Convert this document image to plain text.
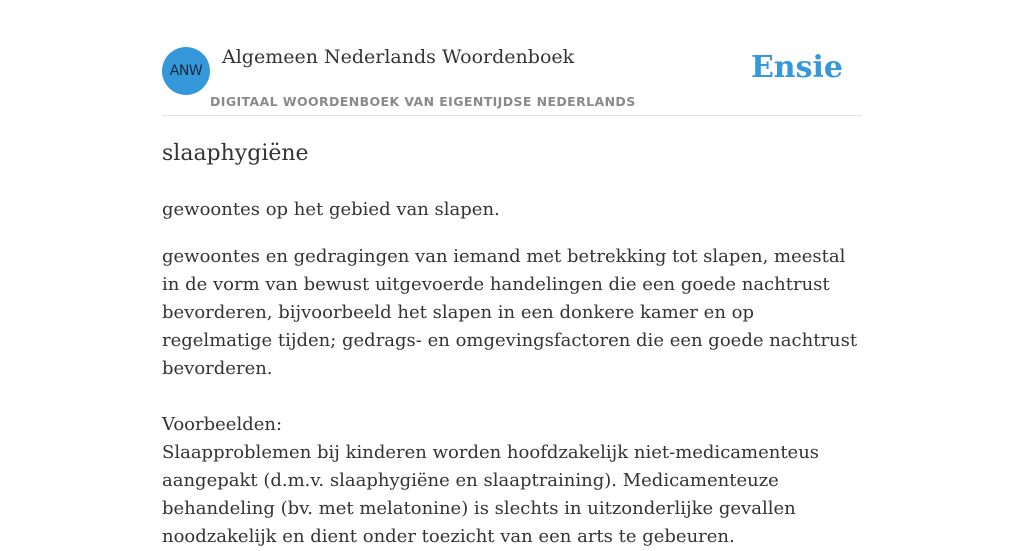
ANW
Algemeen Nederlands Woordenboek
DIGITAAL WOORDENBOEK VAN EIGENTIJDSE NEDERLANDS
Ensie
slaaphygiëne

gewoontes op het gebied van slapen.

gewoontes en gedragingen van iemand met betrekking tot slapen, meestal in de vorm van bewust uitgevoerde handelingen die een goede nachtrust bevorderen, bijvoorbeeld het slapen in een donkere kamer en op regelmatige tijden; gedrags- en omgevingsfactoren die een goede nachtrust bevorderen.

Voorbeelden:

Slaapproblemen bij kinderen worden hoofdzakelijk niet-medicamenteus aangepakt (d.m.v. slaaphygiëne en slaaptraining). Medicamenteuze behandeling (bv. met melatonine) is slechts in uitzonderlijke gevallen noodzakelijk en dient onder toezicht van een arts te gebeuren.
